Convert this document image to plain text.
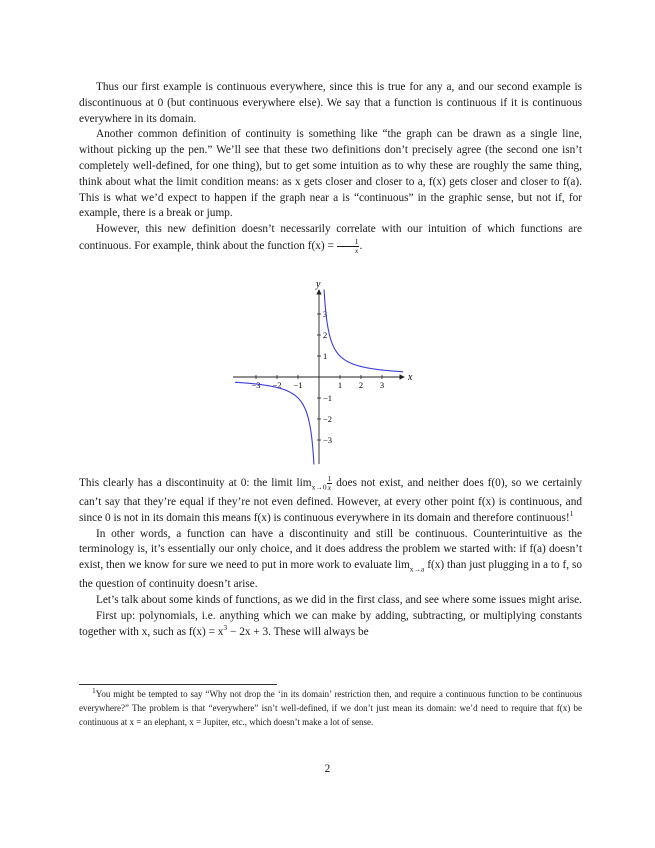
Thus our first example is continuous everywhere, since this is true for any a, and our second example is discontinuous at 0 (but continuous everywhere else). We say that a function is continuous if it is continuous everywhere in its domain.

Another common definition of continuity is something like “the graph can be drawn as a single line, without picking up the pen.” We’ll see that these two definitions don’t precisely agree (the second one isn’t completely well-defined, for one thing), but to get some intuition as to why these are roughly the same thing, think about what the limit condition means: as x gets closer and closer to a, f(x) gets closer and closer to f(a). This is what we’d expect to happen if the graph near a is “continuous” in the graphic sense, but not if, for example, there is a break or jump.

However, this new definition doesn’t necessarily correlate with our intuition of which functions are continuous. For example, think about the function $f(x) = \frac{1}{x}$ .

x
y
−3 −2 −1	1 2 3
3
2
1
−1
−2
−3

This clearly has a discontinuity at 0: the limit $\lim_{x\to 0} \frac{1}{x}$ does not exist, and neither does f(0), so we certainly can’t say that they’re equal if they’re not even defined. However, at every other point f(x) is continuous, and since 0 is not in its domain this means f(x) is continuous everywhere in its domain and therefore continuous!$^1$

In other words, a function can have a discontinuity and still be continuous. Counterintuitive as the terminology is, it’s essentially our only choice, and it does address the problem we started with: if f(a) doesn’t exist, then we know for sure we need to put in more work to evaluate $\lim_{x\to a} f(x)$ than just plugging in a to f, so the question of continuity doesn’t arise.

Let’s talk about some kinds of functions, as we did in the first class, and see where some issues might arise.

First up: polynomials, i.e. anything which we can make by adding, subtracting, or multiplying constants together with x, such as $f(x) = x^3 - 2x + 3$. These will always be

$^1$You might be tempted to say “Why not drop the ‘in its domain’ restriction then, and require a continuous function to be continuous everywhere?” The problem is that “everywhere” isn’t well-defined, if we don’t just mean its domain: we’d need to require that f(x) be continuous at x = an elephant, x = Jupiter, etc., which doesn’t make a lot of sense.

2
